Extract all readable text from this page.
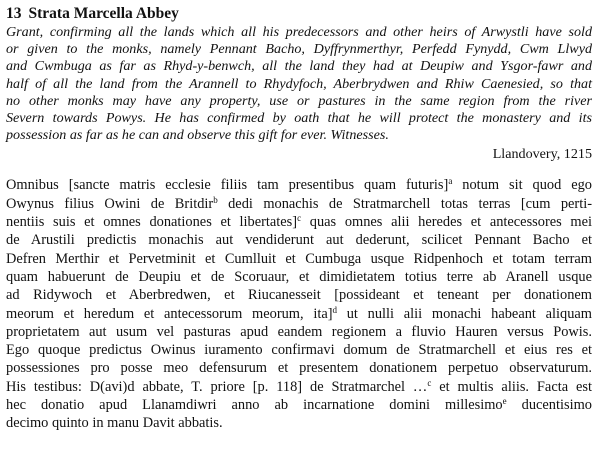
13 Strata Marcella Abbey
Grant, confirming all the lands which all his predecessors and other heirs of Arwystli have sold
or given to the monks, namely Pennant Bacho, Dyffrynmerthyr, Perfedd Fynydd, Cwm Llwyd
and Cwmbuga as far as Rhyd-y-benwch, all the land they had at Deupiw and Ysgor-fawr and
half of all the land from the Arannell to Rhydyfoch, Aberbrydwen and Rhiw Caenesied, so that
no other monks may have any property, use or pastures in the same region from the river
Severn towards Powys. He has confirmed by oath that he will protect the monastery and its
possession as far as he can and observe this gift for ever. Witnesses.
Llandovery, 1215
Omnibus [sancte matris ecclesie filiis tam presentibus quam futuris]$^a$ notum sit quod ego
Owynus filius Owini de Britdir$^b$ dedi monachis de Stratmarchell totas terras [cum perti-
nentiis suis et omnes donationes et libertates]$^c$ quas omnes alii heredes et antecessores mei
de Arustili predictis monachis aut vendiderunt aut dederunt, scilicet Pennant Bacho et
Defren Merthir et Pervetminit et Cumlluit et Cumbuga usque Ridpenhoch et totam terram
quam habuerunt de Deupiu et de Scoruaur, et dimidietatem totius terre ab Aranell usque
ad Ridywoch et Aberbredwen, et Riucanesseit [possideant et teneant per donationem
meorum et heredum et antecessorum meorum, ita]$^d$ ut nulli alii monachi habeant aliquam
proprietatem aut usum vel pasturas apud eandem regionem a fluvio Hauren versus Powis.
Ego quoque predictus Owinus iuramento confirmavi domum de Stratmarchell et eius res et
possessiones pro posse meo defensurum et presentem donationem perpetuo observaturum.
His testibus: D(avi)d abbate, T. priore [p. 118] de Stratmarchel …$^c$ et multis aliis. Facta est
hec donatio apud Llanamdiwri anno ab incarnatione domini millesimo$^e$ ducentisimo
decimo quinto in manu Davit abbatis.
